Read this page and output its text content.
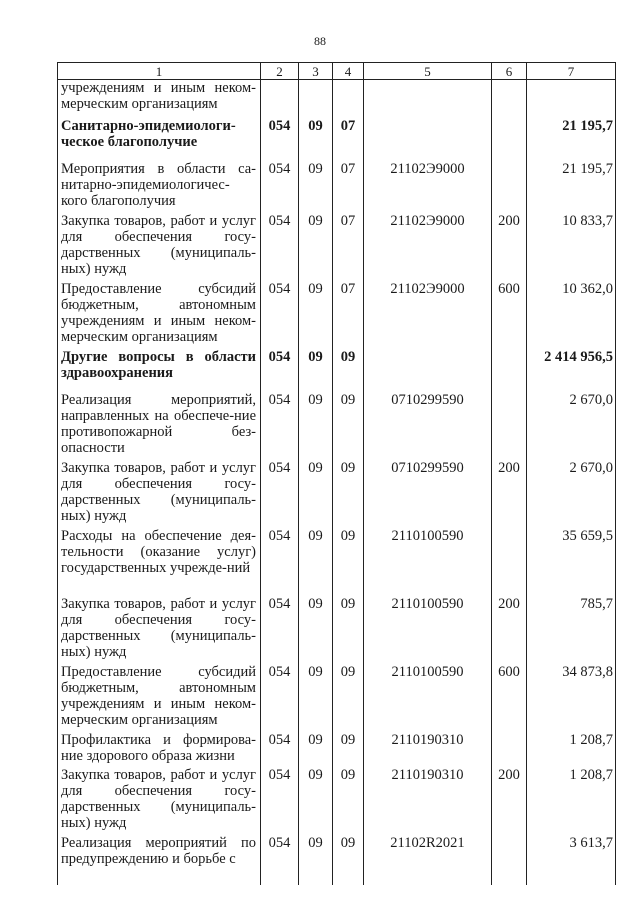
88
1	2	3	4	5	6	7
учреждениям и иным неком-мерческим организациям						
Санитарно-эпидемиологи-ческое благополучие	054	09	07			21 195,7
Мероприятия в области са-нитарно-эпидемиологичес-кого благополучия	054	09	07	21102Э9000		21 195,7
Закупка товаров, работ и услуг для обеспечения госу-дарственных (муниципаль-ных) нужд	054	09	07	21102Э9000	200	10 833,7
Предоставление субсидий бюджетным, автономным учреждениям и иным неком-мерческим организациям	054	09	07	21102Э9000	600	10 362,0
Другие вопросы в области здравоохранения	054	09	09			2 414 956,5
Реализация мероприятий, направленных на обеспече-ние противопожарной без-опасности	054	09	09	0710299590		2 670,0
Закупка товаров, работ и услуг для обеспечения госу-дарственных (муниципаль-ных) нужд	054	09	09	0710299590	200	2 670,0
Расходы на обеспечение дея-тельности (оказание услуг) государственных учрежде-ний	054	09	09	2110100590		35 659,5
Закупка товаров, работ и услуг для обеспечения госу-дарственных (муниципаль-ных) нужд	054	09	09	2110100590	200	785,7
Предоставление субсидий бюджетным, автономным учреждениям и иным неком-мерческим организациям	054	09	09	2110100590	600	34 873,8
Профилактика и формирова-ние здорового образа жизни	054	09	09	2110190310		1 208,7
Закупка товаров, работ и услуг для обеспечения госу-дарственных (муниципаль-ных) нужд	054	09	09	2110190310	200	1 208,7
Реализация мероприятий по предупреждению и борьбе с	054	09	09	21102R2021		3 613,7
